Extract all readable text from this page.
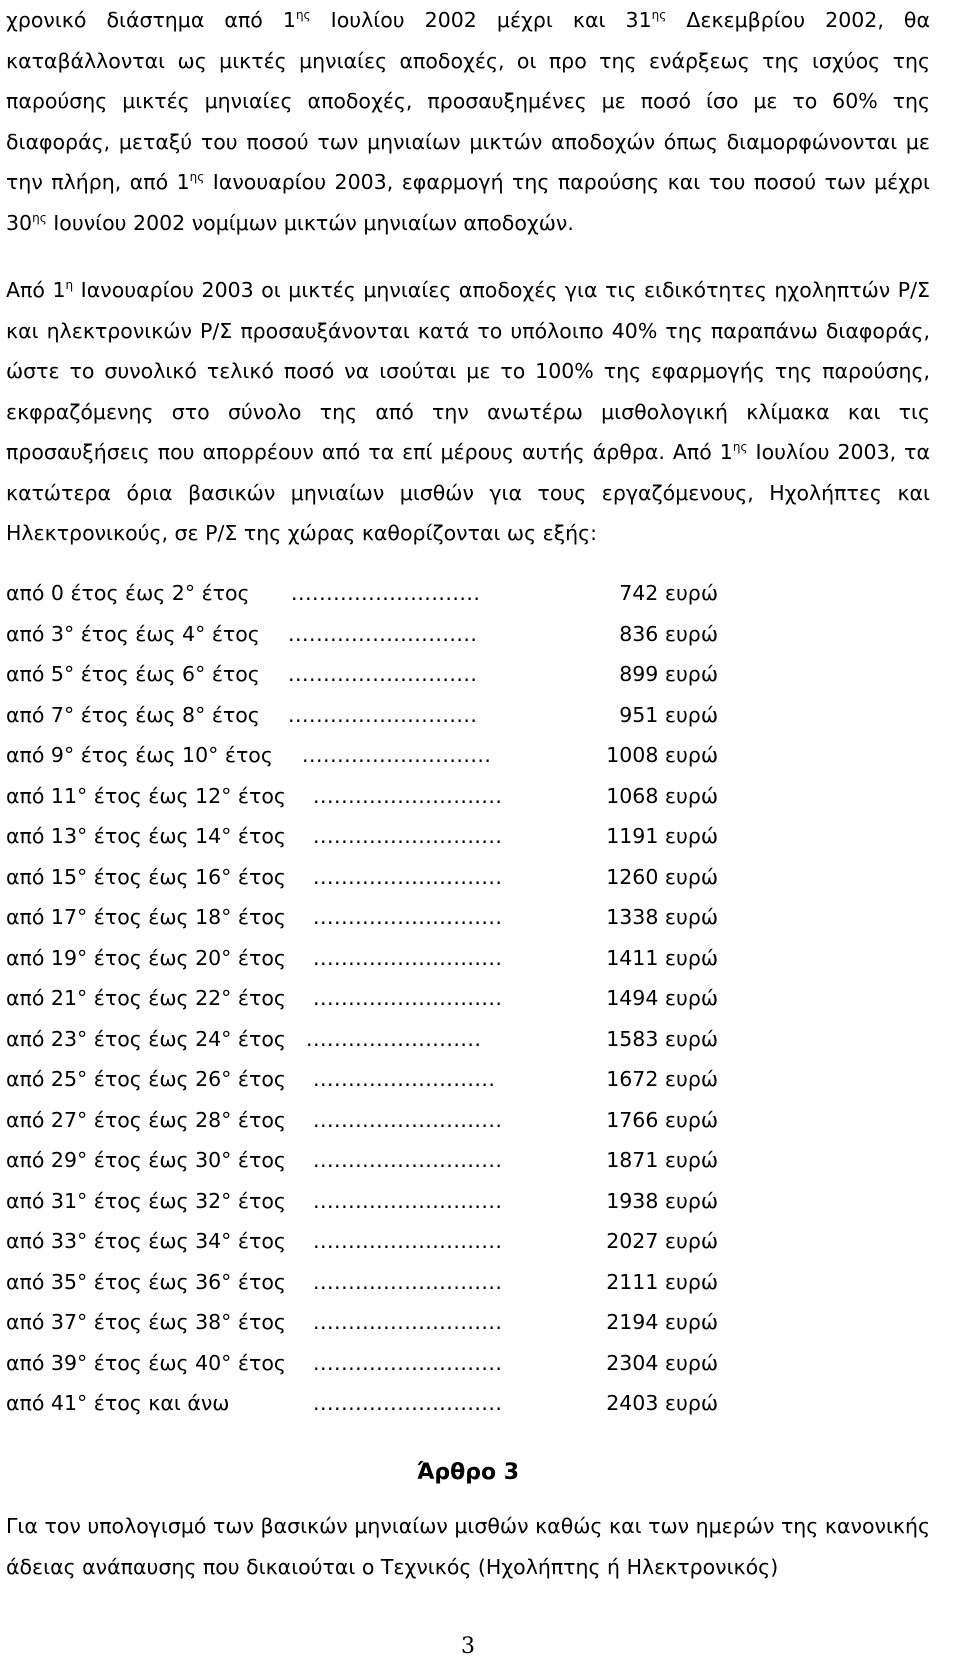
χρονικό διάστημα από $1^{\eta\varsigma}$ Ιουλίου 2002 μέχρι και $31^{\eta\varsigma}$ Δεκεμβρίου 2002, θα καταβάλλονται ως μικτές μηνιαίες αποδοχές, οι προ της ενάρξεως της ισχύος της παρούσης μικτές μηνιαίες αποδοχές, προσαυξημένες με ποσό ίσο με το 60% της διαφοράς, μεταξύ του ποσού των μηνιαίων μικτών αποδοχών όπως διαμορφώνονται με την πλήρη, από $1^{\eta\varsigma}$ Ιανουαρίου 2003, εφαρμογή της παρούσης και του ποσού των μέχρι $30^{\eta\varsigma}$ Ιουνίου 2002 νομίμων μικτών μηνιαίων αποδοχών.

Από $1^\eta$ Ιανουαρίου 2003 οι μικτές μηνιαίες αποδοχές για τις ειδικότητες ηχοληπτών Ρ/Σ και ηλεκτρονικών Ρ/Σ προσαυξάνονται κατά το υπόλοιπο 40% της παραπάνω διαφοράς, ώστε το συνολικό τελικό ποσό να ισούται με το 100% της εφαρμογής της παρούσης, εκφραζόμενης στο σύνολο της από την ανωτέρω μισθολογική κλίμακα και τις προσαυξήσεις που απορρέουν από τα επί μέρους αυτής άρθρα. Από $1^{\eta\varsigma}$ Ιουλίου 2003, τα κατώτερα όρια βασικών μηνιαίων μισθών για τους εργαζόμενους, Ηχολήπτες και Ηλεκτρονικούς, σε Ρ/Σ της χώρας καθορίζονται ως εξής:

από 0 έτος έως 2° έτος ...........................	742 ευρώ
από 3° έτος έως 4° έτος ...........................	836 ευρώ
από 5° έτος έως 6° έτος ...........................	899 ευρώ
από 7° έτος έως 8° έτος ...........................	951 ευρώ
από 9° έτος έως 10° έτος ...........................	1008 ευρώ
από 11° έτος έως 12° έτος ...........................	1068 ευρώ
από 13° έτος έως 14° έτος ...........................	1191 ευρώ
από 15° έτος έως 16° έτος ...........................	1260 ευρώ
από 17° έτος έως 18° έτος ...........................	1338 ευρώ
από 19° έτος έως 20° έτος ...........................	1411 ευρώ
από 21° έτος έως 22° έτος ...........................	1494 ευρώ
από 23° έτος έως 24° έτος .........................	1583 ευρώ
από 25° έτος έως 26° έτος ..........................	1672 ευρώ
από 27° έτος έως 28° έτος ...........................	1766 ευρώ
από 29° έτος έως 30° έτος ...........................	1871 ευρώ
από 31° έτος έως 32° έτος ...........................	1938 ευρώ
από 33° έτος έως 34° έτος ...........................	2027 ευρώ
από 35° έτος έως 36° έτος ...........................	2111 ευρώ
από 37° έτος έως 38° έτος ...........................	2194 ευρώ
από 39° έτος έως 40° έτος ...........................	2304 ευρώ
από 41° έτος και άνω	...........................	2403 ευρώ
Άρθρο 3

Για τον υπολογισμό των βασικών μηνιαίων μισθών καθώς και των ημερών της κανονικής άδειας ανάπαυσης που δικαιούται ο Τεχνικός (Ηχολήπτης ή Ηλεκτρονικός)

3
